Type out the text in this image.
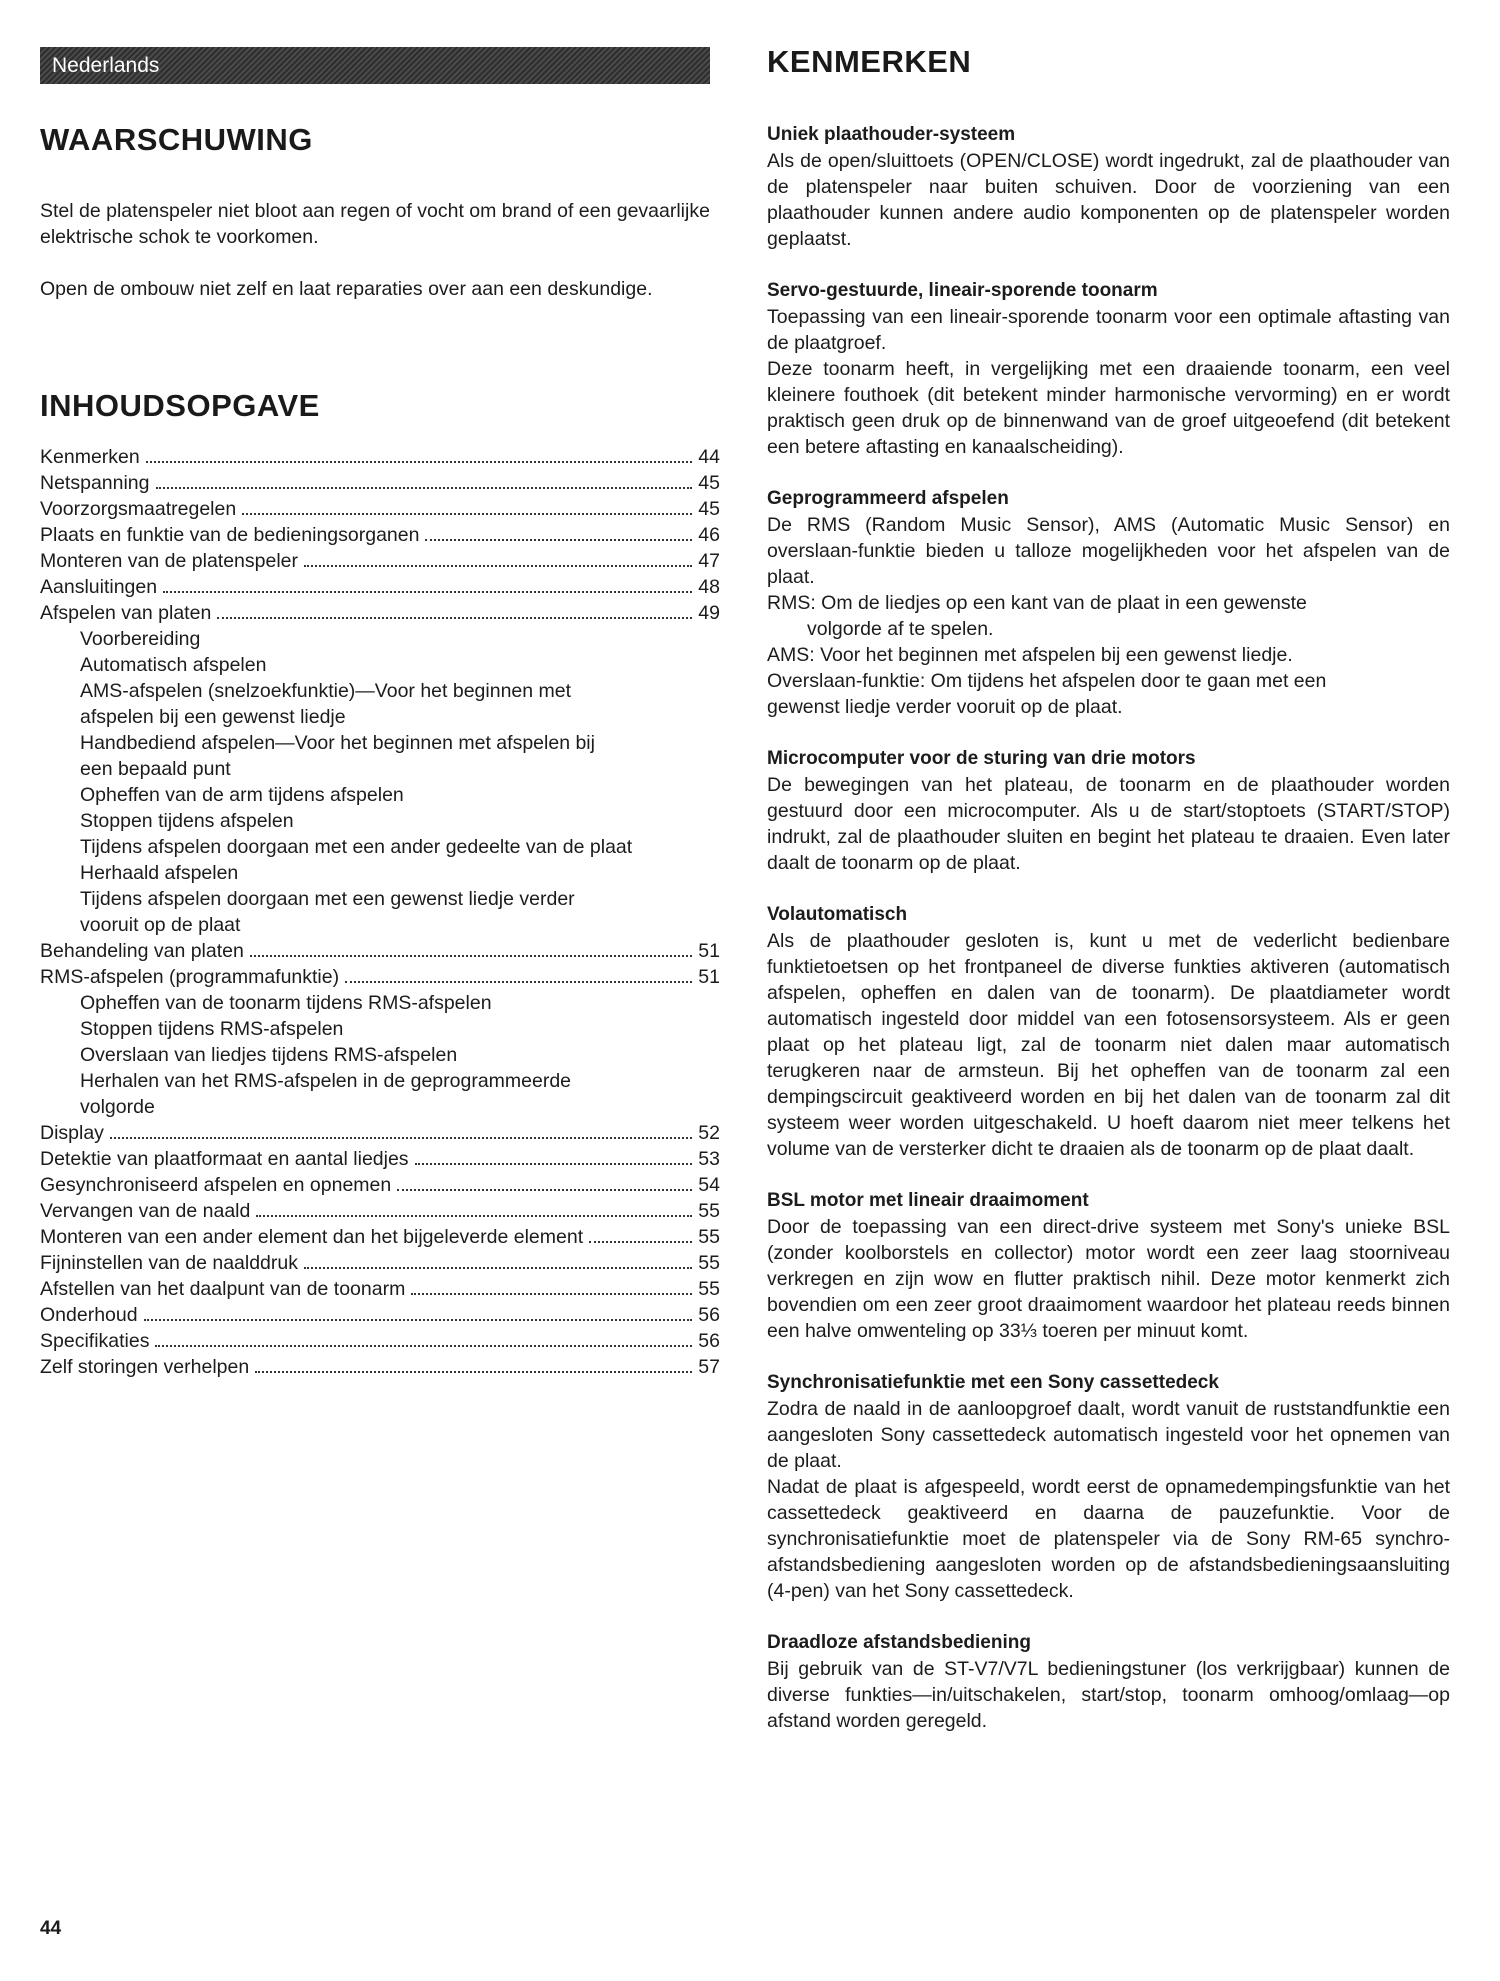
Nederlands
WAARSCHUWING

Stel de platenspeler niet bloot aan regen of vocht om brand of een gevaarlijke elektrische schok te voorkomen.

Open de ombouw niet zelf en laat reparaties over aan een deskundige.

INHOUDSOPGAVE
Kenmerken	44
Netspanning	45
Voorzorgsmaatregelen	45
Plaats en funktie van de bedieningsorganen	46
Monteren van de platenspeler	47
Aansluitingen	48
Afspelen van platen	49
Voorbereiding
Automatisch afspelen
AMS-afspelen (snelzoekfunktie)—Voor het beginnen met
afspelen bij een gewenst liedje
Handbediend afspelen—Voor het beginnen met afspelen bij
een bepaald punt
Opheffen van de arm tijdens afspelen
Stoppen tijdens afspelen
Tijdens afspelen doorgaan met een ander gedeelte van de plaat
Herhaald afspelen
Tijdens afspelen doorgaan met een gewenst liedje verder
vooruit op de plaat
Behandeling van platen	51
RMS-afspelen (programmafunktie)	51
Opheffen van de toonarm tijdens RMS-afspelen
Stoppen tijdens RMS-afspelen
Overslaan van liedjes tijdens RMS-afspelen
Herhalen van het RMS-afspelen in de geprogrammeerde
volgorde
Display	52
Detektie van plaatformaat en aantal liedjes	53
Gesynchroniseerd afspelen en opnemen	54
Vervangen van de naald	55
Monteren van een ander element dan het bijgeleverde element	55
Fijninstellen van de naalddruk	55
Afstellen van het daalpunt van de toonarm	55
Onderhoud	56
Specifikaties	56
Zelf storingen verhelpen	57
KENMERKEN

Uniek plaathouder-systeem

Als de open/sluittoets (OPEN/CLOSE) wordt ingedrukt, zal de plaathouder van de platenspeler naar buiten schuiven. Door de voorziening van een plaathouder kunnen andere audio komponenten op de platenspeler worden geplaatst.

Servo-gestuurde, lineair-sporende toonarm

Toepassing van een lineair-sporende toonarm voor een optimale aftasting van de plaatgroef.

Deze toonarm heeft, in vergelijking met een draaiende toonarm, een veel kleinere fouthoek (dit betekent minder harmonische vervorming) en er wordt praktisch geen druk op de binnenwand van de groef uitgeoefend (dit betekent een betere aftasting en kanaalscheiding).

Geprogrammeerd afspelen

De RMS (Random Music Sensor), AMS (Automatic Music Sensor) en overslaan-funktie bieden u talloze mogelijkheden voor het afspelen van de plaat.

RMS: Om de liedjes op een kant van de plaat in een gewenste

volgorde af te spelen.

AMS: Voor het beginnen met afspelen bij een gewenst liedje.

Overslaan-funktie: Om tijdens het afspelen door te gaan met een

gewenst liedje verder vooruit op de plaat.

Microcomputer voor de sturing van drie motors

De bewegingen van het plateau, de toonarm en de plaathouder worden gestuurd door een microcomputer. Als u de start/stoptoets (START/STOP) indrukt, zal de plaathouder sluiten en begint het plateau te draaien. Even later daalt de toonarm op de plaat.

Volautomatisch

Als de plaathouder gesloten is, kunt u met de vederlicht bedienbare funktietoetsen op het frontpaneel de diverse funkties aktiveren (automatisch afspelen, opheffen en dalen van de toonarm). De plaatdiameter wordt automatisch ingesteld door middel van een fotosensorsysteem. Als er geen plaat op het plateau ligt, zal de toonarm niet dalen maar automatisch terugkeren naar de armsteun. Bij het opheffen van de toonarm zal een dempingscircuit geaktiveerd worden en bij het dalen van de toonarm zal dit systeem weer worden uitgeschakeld. U hoeft daarom niet meer telkens het volume van de versterker dicht te draaien als de toonarm op de plaat daalt.

BSL motor met lineair draaimoment

Door de toepassing van een direct-drive systeem met Sony's unieke BSL (zonder koolborstels en collector) motor wordt een zeer laag stoorniveau verkregen en zijn wow en flutter praktisch nihil. Deze motor kenmerkt zich bovendien om een zeer groot draaimoment waardoor het plateau reeds binnen een halve omwenteling op 33⅓ toeren per minuut komt.

Synchronisatiefunktie met een Sony cassettedeck

Zodra de naald in de aanloopgroef daalt, wordt vanuit de ruststandfunktie een aangesloten Sony cassettedeck automatisch ingesteld voor het opnemen van de plaat.

Nadat de plaat is afgespeeld, wordt eerst de opnamedempingsfunktie van het cassettedeck geaktiveerd en daarna de pauzefunktie. Voor de synchronisatiefunktie moet de platenspeler via de Sony RM-65 synchro-afstandsbediening aangesloten worden op de afstandsbedieningsaansluiting (4-pen) van het Sony cassettedeck.

Draadloze afstandsbediening

Bij gebruik van de ST-V7/V7L bedieningstuner (los verkrijgbaar) kunnen de diverse funkties—in/uitschakelen, start/stop, toonarm omhoog/omlaag—op afstand worden geregeld.

44
